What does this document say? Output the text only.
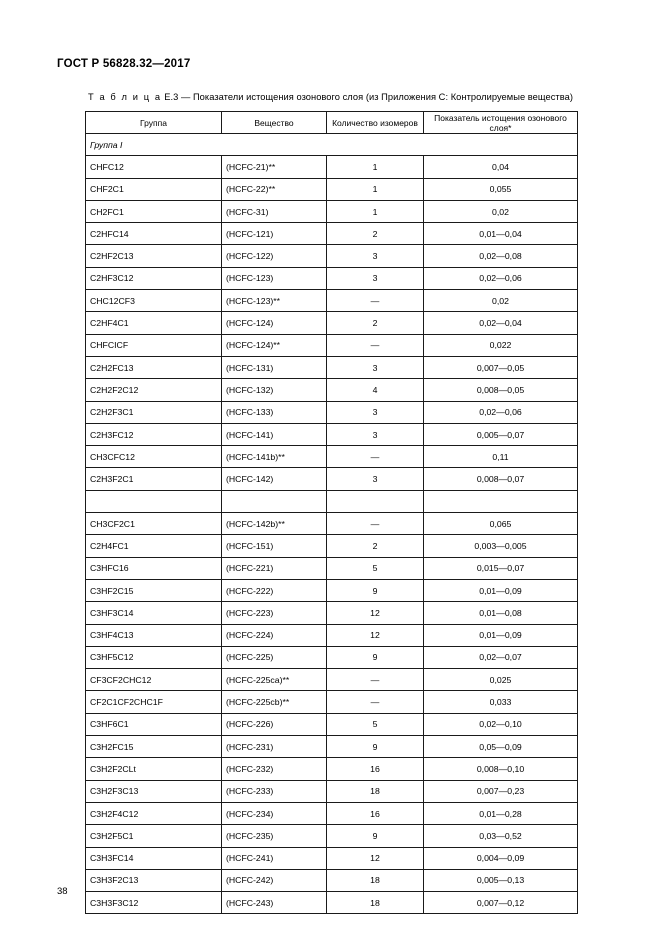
ГОСТ Р 56828.32—2017
Т а б л и ц а Е.3 — Показатели истощения озонового слоя (из Приложения С: Контролируемые вещества)
Группа	Вещество	Количество изомеров	Показатель истощения озонового слоя*
Группа I			
CHFC12	(HCFC-21)**	1	0,04
CHF2C1	(HCFC-22)**	1	0,055
CH2FC1	(HCFC-31)	1	0,02
C2HFC14	(HCFC-121)	2	0,01—0,04
C2HF2C13	(HCFC-122)	3	0,02—0,08
C2HF3C12	(HCFC-123)	3	0,02—0,06
CHC12CF3	(HCFC-123)**	—	0,02
C2HF4C1	(HCFC-124)	2	0,02—0,04
CHFCICF	(HCFC-124)**	—	0,022
C2H2FC13	(HCFC-131)	3	0,007—0,05
C2H2F2C12	(HCFC-132)	4	0,008—0,05
C2H2F3C1	(HCFC-133)	3	0,02—0,06
C2H3FC12	(HCFC-141)	3	0,005—0,07
CH3CFC12	(HCFC-141b)**	—	0,11
C2H3F2C1	(HCFC-142)	3	0,008—0,07

CH3CF2C1	(HCFC-142b)**	—	0,065
C2H4FC1	(HCFC-151)	2	0,003—0,005
C3HFC16	(HCFC-221)	5	0,015—0,07
C3HF2C15	(HCFC-222)	9	0,01—0,09
C3HF3C14	(HCFC-223)	12	0,01—0,08
C3HF4C13	(HCFC-224)	12	0,01—0,09
C3HF5C12	(HCFC-225)	9	0,02—0,07
CF3CF2CHC12	(HCFC-225ca)**	—	0,025
CF2C1CF2CHC1F	(HCFC-225cb)**	—	0,033
C3HF6C1	(HCFC-226)	5	0,02—0,10
C3H2FC15	(HCFC-231)	9	0,05—0,09
C3H2F2CLt	(HCFC-232)	16	0,008—0,10
C3H2F3C13	(HCFC-233)	18	0,007—0,23
C3H2F4C12	(HCFC-234)	16	0,01—0,28
C3H2F5C1	(HCFC-235)	9	0,03—0,52
C3H3FC14	(HCFC-241)	12	0,004—0,09
C3H3F2C13	(HCFC-242)	18	0,005—0,13
C3H3F3C12	(HCFC-243)	18	0,007—0,12
38
